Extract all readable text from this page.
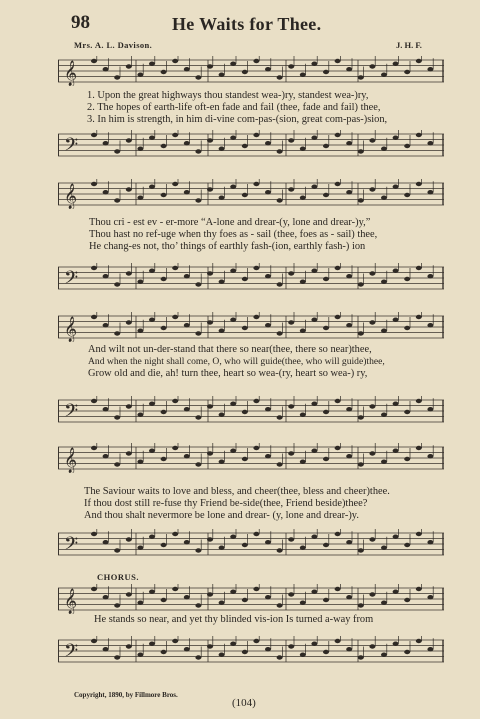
98	He Waits for Thee.
Mrs. A. L. Davison.	J. H. F.
𝄞
1. Upon the great highways thou standest wea-)ry, standest wea-)ry,
2. The hopes of earth-life oft-en fade and fail (thee, fade and fail) thee,
3. In him is strength, in him di-vine com-pas-(sion, great com-pas-)sion,
𝄢
𝄞
Thou cri - est ev - er-more “A-lone and drear-(y, lone and drear-)y,”
Thou hast no ref-uge when thy foes as - sail (thee, foes as - sail) thee,
He chang-es not, tho’ things of earthly fash-(ion, earthly fash-) ion
𝄢
𝄞
And wilt not un-der-stand that there so near(thee, there so near)thee,
And when the night shall come, O, who will guide(thee, who will guide)thee,
Grow old and die, ah! turn thee, heart so wea-(ry, heart so wea-) ry,
𝄢
𝄞
The Saviour waits to love and bless, and cheer(thee, bless and cheer)thee.
If thou dost still re-fuse thy Friend be-side(thee, Friend beside)thee?
And thou shalt nevermore be lone and drear- (y, lone and drear-)y.
𝄢
CHORUS.
𝄞
He stands so near, and yet thy blinded vis-ion Is turned a-way from
𝄢
Copyright, 1890, by Fillmore Bros.
(104)
